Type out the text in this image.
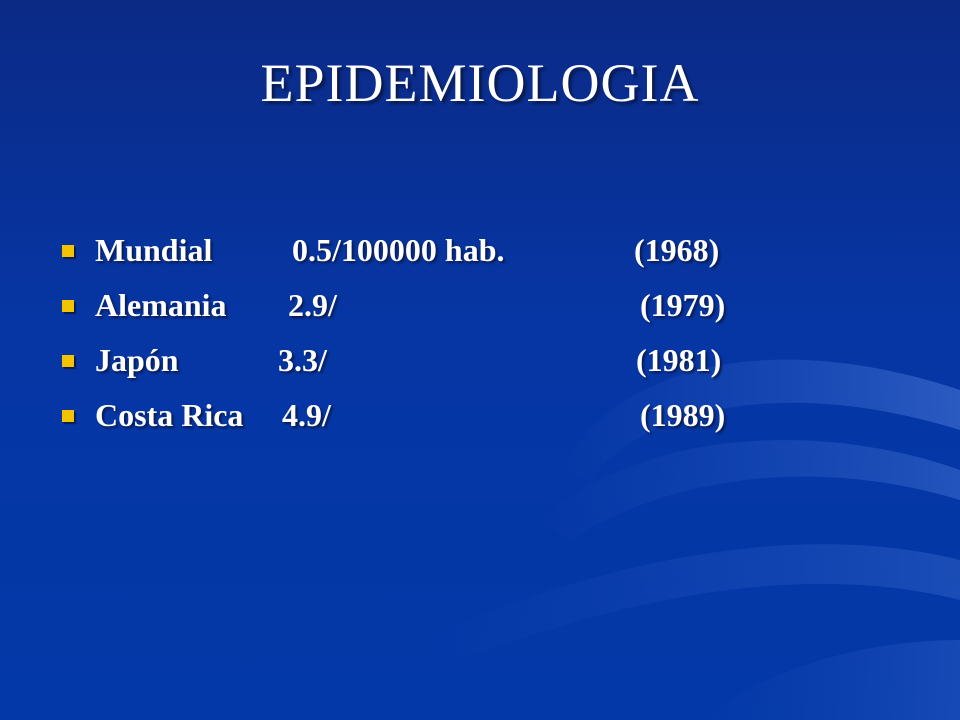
EPIDEMIOLOGIA
Mundial 0.5/100000 hab.	(1968)
Alemania 2.9/	(1979)
Japón	3.3/	(1981)
Costa Rica 4.9/	(1989)
